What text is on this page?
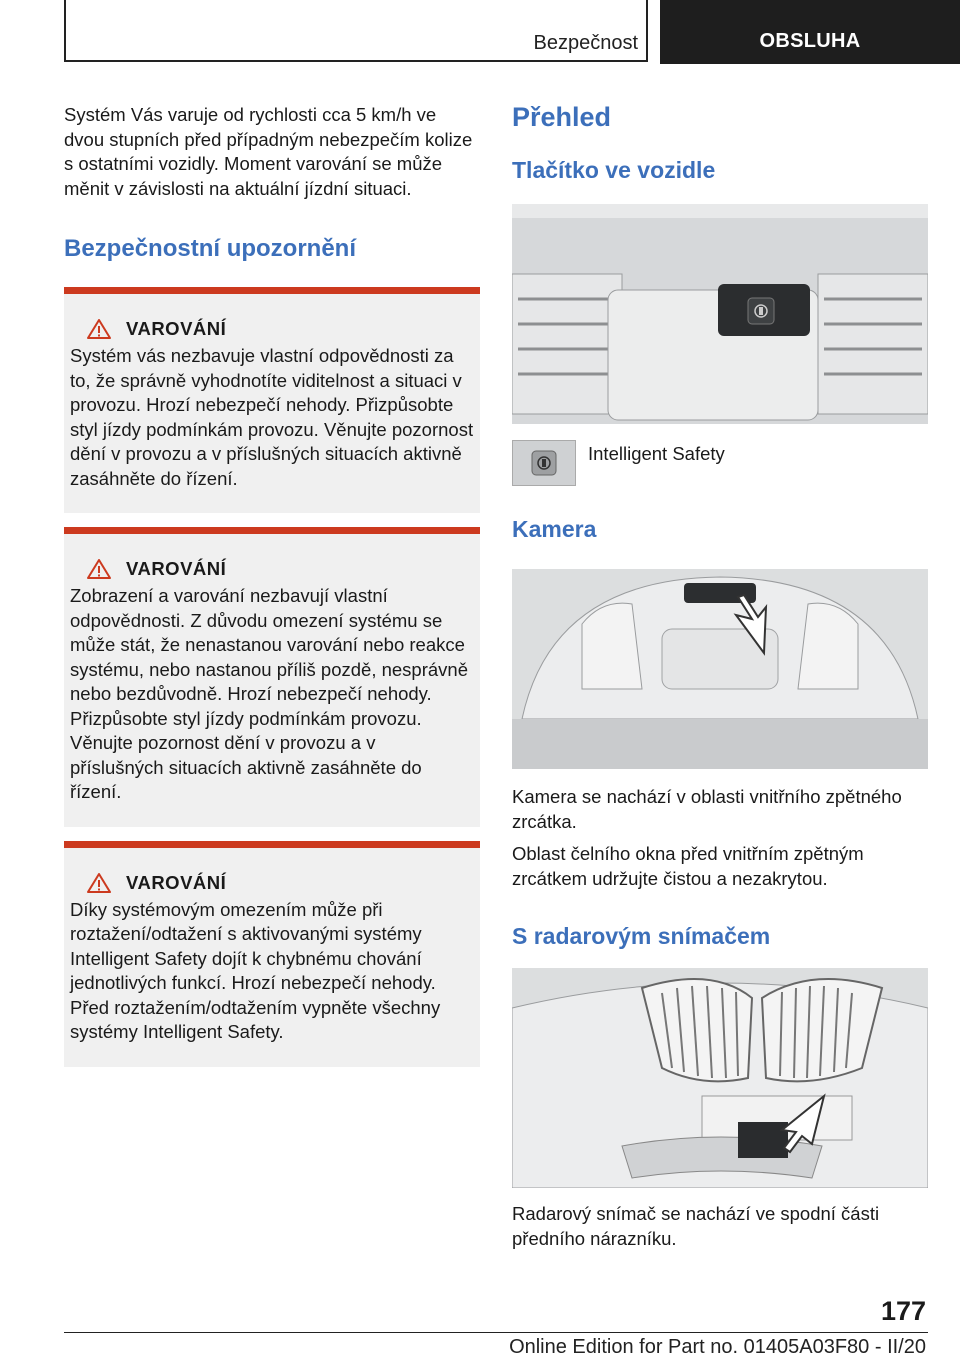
Bezpečnost	OBSLUHA

Systém Vás varuje od rychlosti cca 5 km/h ve dvou stupních před případným nebezpečím kolize s ostatními vozidly. Moment varování se může měnit v závislosti na aktuální jízdní situaci.

Bezpečnostní upozornění
VAROVÁNÍ

Systém vás nezbavuje vlastní odpovědnosti za to, že správně vyhodnotíte viditelnost a situaci v provozu. Hrozí nebezpečí nehody. Přizpůsobte styl jízdy podmínkám provozu. Věnujte pozornost dění v provozu a v příslušných situacích aktivně zasáhněte do řízení.

VAROVÁNÍ

Zobrazení a varování nezbavují vlastní odpovědnosti. Z důvodu omezení systému se může stát, že nenastanou varování nebo reakce systému, nebo nastanou příliš pozdě, nesprávně nebo bezdůvodně. Hrozí nebezpečí nehody. Přizpůsobte styl jízdy podmínkám provozu. Věnujte pozornost dění v provozu a v příslušných situacích aktivně zasáhněte do řízení.

VAROVÁNÍ

Díky systémovým omezením může při roztažení/odtažení s aktivovanými systémy Intelligent Safety dojít k chybnému chování jednotlivých funkcí. Hrozí nebezpečí nehody. Před roztažením/odtažením vypněte všechny systémy Intelligent Safety.

Přehled
Tlačítko ve vozidle

Intelligent Safety

Kamera

Kamera se nachází v oblasti vnitřního zpětného zrcátka.

Oblast čelního okna před vnitřním zpětným zrcátkem udržujte čistou a nezakrytou.

S radarovým snímačem

Radarový snímač se nachází ve spodní části předního nárazníku.

177
Online Edition for Part no. 01405A03F80 - II/20
